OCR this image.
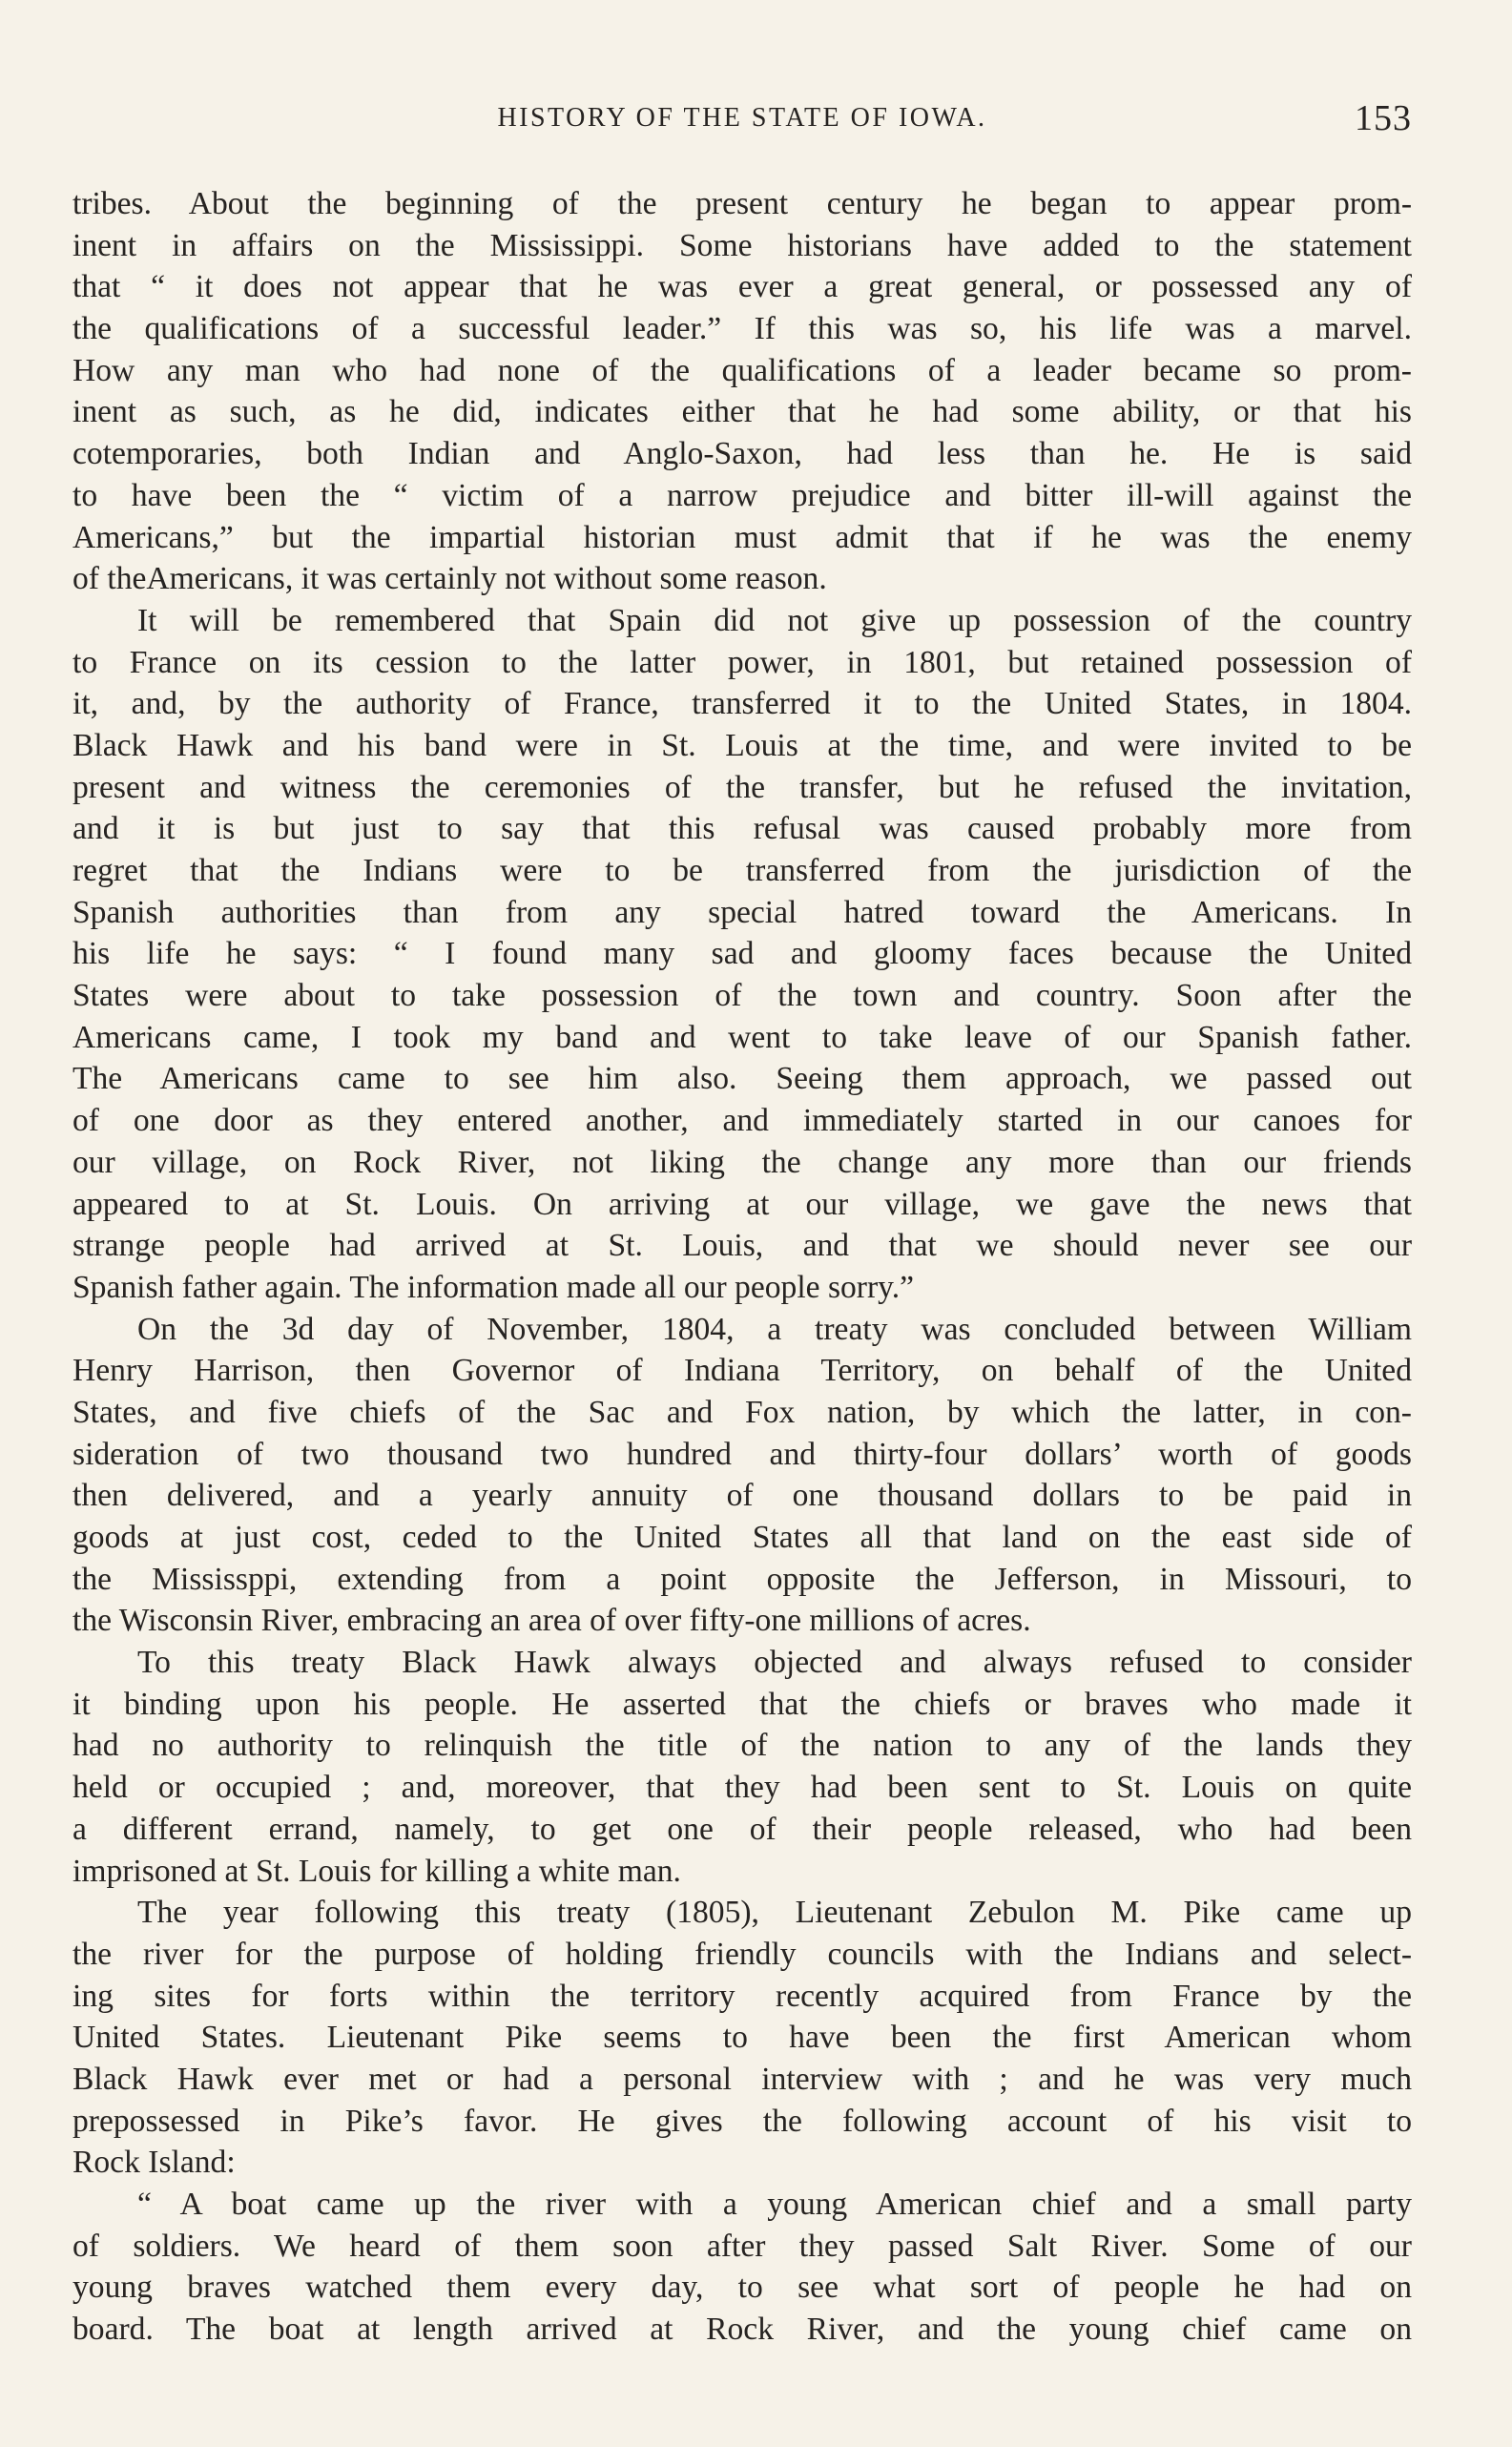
HISTORY OF THE STATE OF IOWA.	153
tribes. About the beginning of the present century he began to appear prom-
inent in affairs on the Mississippi. Some historians have added to the statement
that “ it does not appear that he was ever a great general, or possessed any of
the qualifications of a successful leader.” If this was so, his life was a marvel.
How any man who had none of the qualifications of a leader became so prom-
inent as such, as he did, indicates either that he had some ability, or that his
cotemporaries, both Indian and Anglo-Saxon, had less than he. He is said
to have been the “ victim of a narrow prejudice and bitter ill-will against the
Americans,” but the impartial historian must admit that if he was the enemy
of theAmericans, it was certainly not without some reason.
It will be remembered that Spain did not give up possession of the country
to France on its cession to the latter power, in 1801, but retained possession of
it, and, by the authority of France, transferred it to the United States, in 1804.
Black Hawk and his band were in St. Louis at the time, and were invited to be
present and witness the ceremonies of the transfer, but he refused the invitation,
and it is but just to say that this refusal was caused probably more from
regret that the Indians were to be transferred from the jurisdiction of the
Spanish authorities than from any special hatred toward the Americans. In
his life he says: “ I found many sad and gloomy faces because the United
States were about to take possession of the town and country. Soon after the
Americans came, I took my band and went to take leave of our Spanish father.
The Americans came to see him also. Seeing them approach, we passed out
of one door as they entered another, and immediately started in our canoes for
our village, on Rock River, not liking the change any more than our friends
appeared to at St. Louis. On arriving at our village, we gave the news that
strange people had arrived at St. Louis, and that we should never see our
Spanish father again. The information made all our people sorry.”
On the 3d day of November, 1804, a treaty was concluded between William
Henry Harrison, then Governor of Indiana Territory, on behalf of the United
States, and five chiefs of the Sac and Fox nation, by which the latter, in con-
sideration of two thousand two hundred and thirty-four dollars’ worth of goods
then delivered, and a yearly annuity of one thousand dollars to be paid in
goods at just cost, ceded to the United States all that land on the east side of
the Mississppi, extending from a point opposite the Jefferson, in Missouri, to
the Wisconsin River, embracing an area of over fifty-one millions of acres.
To this treaty Black Hawk always objected and always refused to consider
it binding upon his people. He asserted that the chiefs or braves who made it
had no authority to relinquish the title of the nation to any of the lands they
held or occupied ; and, moreover, that they had been sent to St. Louis on quite
a different errand, namely, to get one of their people released, who had been
imprisoned at St. Louis for killing a white man.
The year following this treaty (1805), Lieutenant Zebulon M. Pike came up
the river for the purpose of holding friendly councils with the Indians and select-
ing sites for forts within the territory recently acquired from France by the
United States. Lieutenant Pike seems to have been the first American whom
Black Hawk ever met or had a personal interview with ; and he was very much
prepossessed in Pike’s favor. He gives the following account of his visit to
Rock Island:
“ A boat came up the river with a young American chief and a small party
of soldiers. We heard of them soon after they passed Salt River. Some of our
young braves watched them every day, to see what sort of people he had on
board. The boat at length arrived at Rock River, and the young chief came on
